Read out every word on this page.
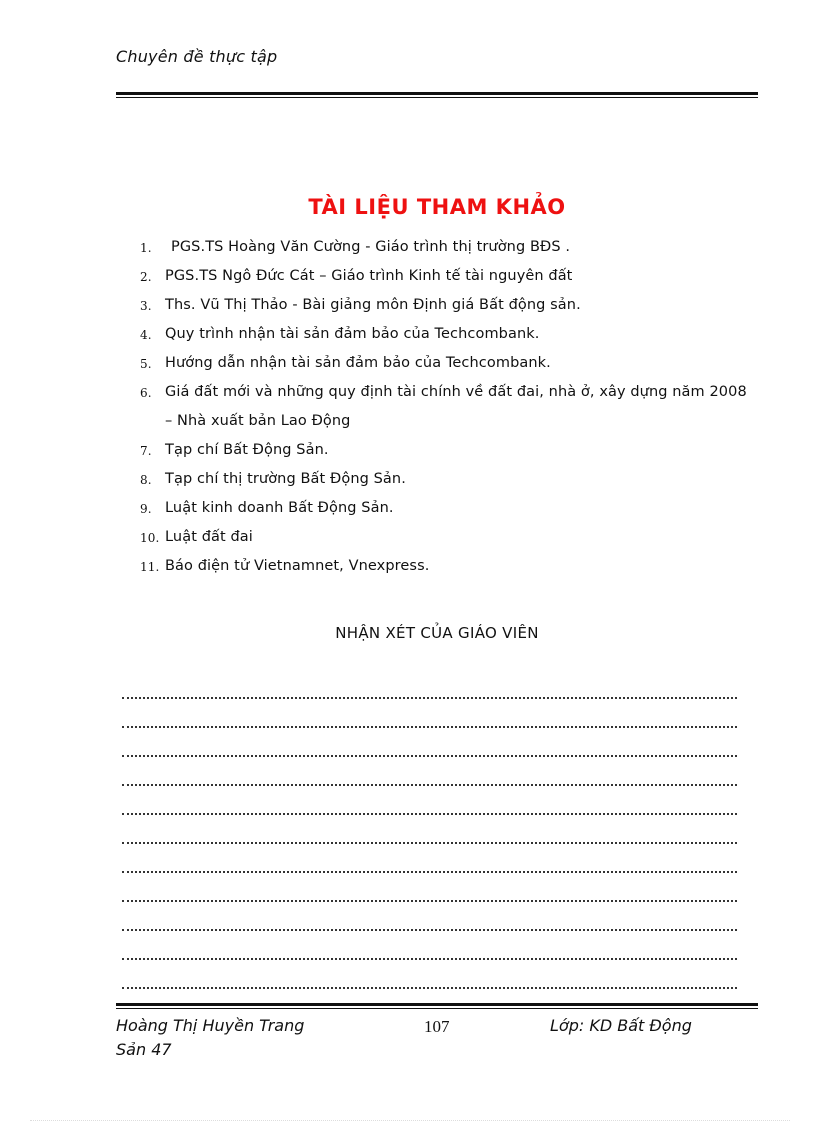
Chuyên đề thực tập
TÀI LIỆU THAM KHẢO
1. PGS.TS Hoàng Văn Cường - Giáo trình thị trường BĐS .
2. PGS.TS Ngô Đức Cát – Giáo trình Kinh tế tài nguyên đất
3. Ths. Vũ Thị Thảo - Bài giảng môn Định giá Bất động sản.
4. Quy trình nhận tài sản đảm bảo của Techcombank.
5. Hướng dẫn nhận tài sản đảm bảo của Techcombank.
6. Giá đất mới và những quy định tài chính về đất đai, nhà ở, xây dựng năm 2008 – Nhà xuất bản Lao Động
7. Tạp chí Bất Động Sản.
8. Tạp chí thị trường Bất Động Sản.
9. Luật kinh doanh Bất Động Sản.
10. Luật đất đai
11. Báo điện tử Vietnamnet, Vnexpress.
NHẬN XÉT CỦA GIÁO VIÊN
Hoàng Thị Huyền Trang	107	Lớp: KD Bất Động
Sản 47
